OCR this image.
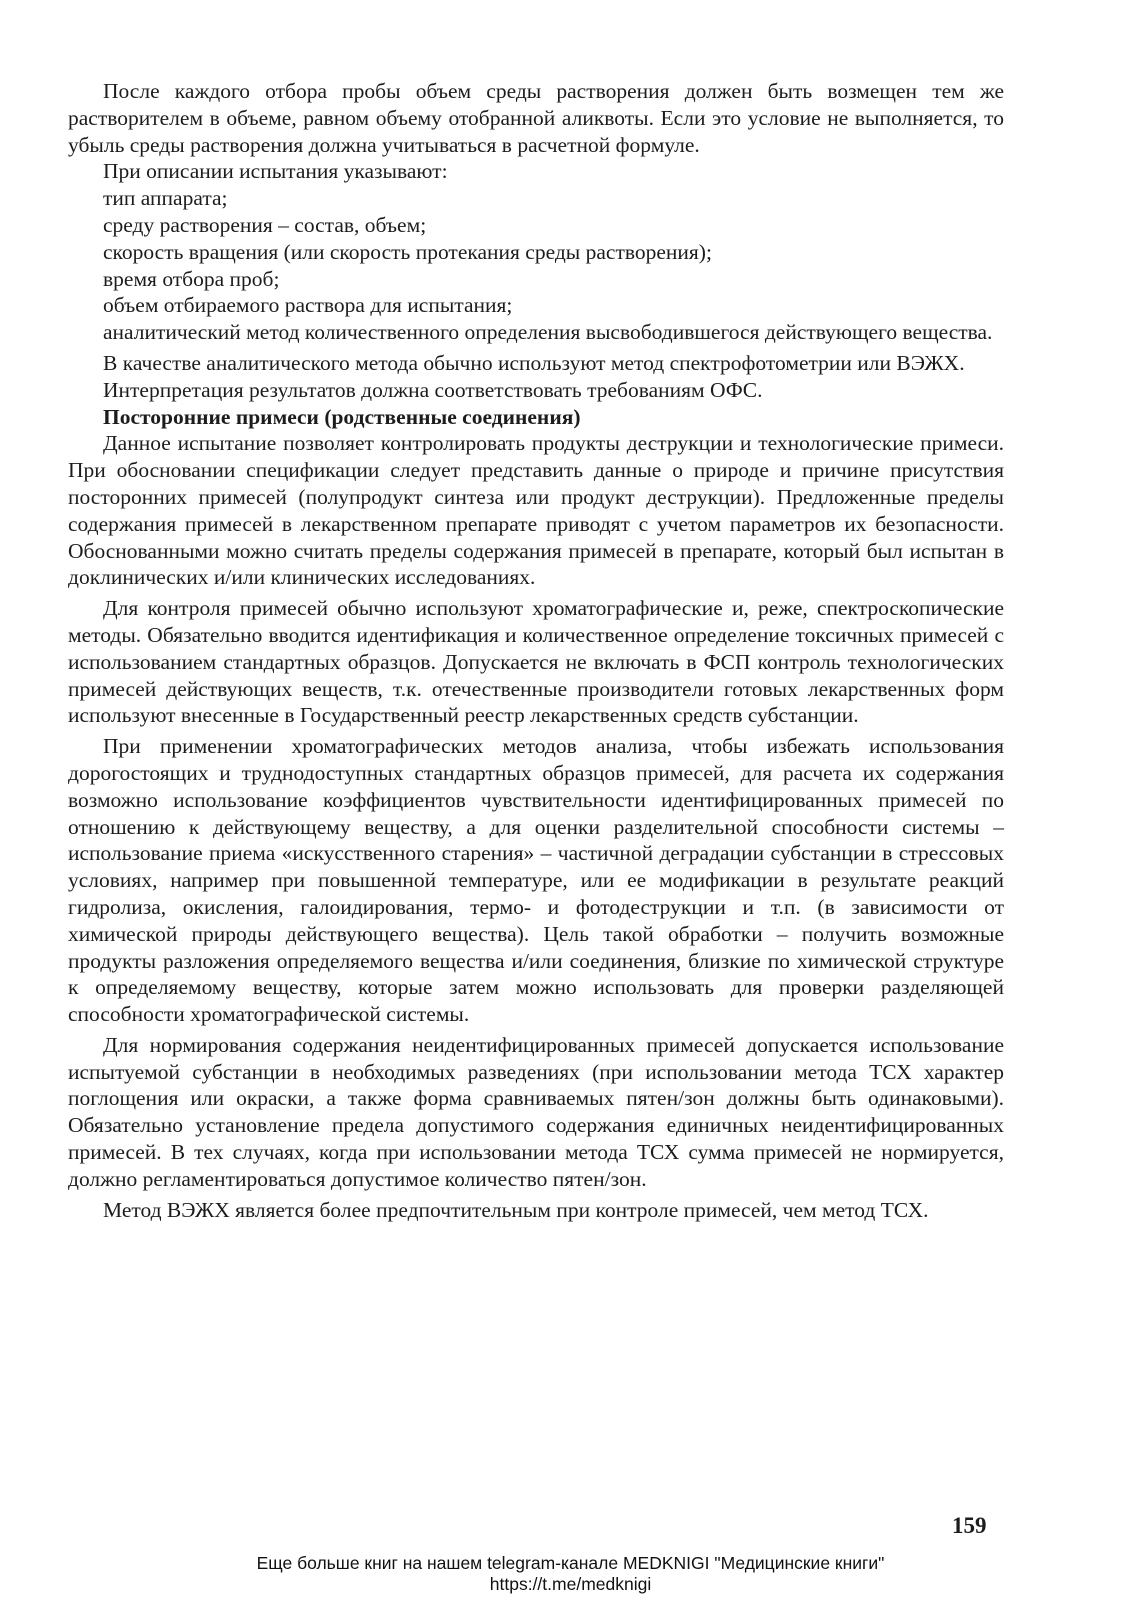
После каждого отбора пробы объем среды растворения должен быть возмещен тем же растворителем в объеме, равном объему отобранной аликвоты. Если это условие не выполняется, то убыль среды растворения должна учитываться в расчетной формуле.

При описании испытания указывают:

тип аппарата;
среду растворения – состав, объем;
скорость вращения (или скорость протекания среды растворения);
время отбора проб;
объем отбираемого раствора для испытания;

аналитический метод количественного определения высвободившегося действующего вещества.

В качестве аналитического метода обычно используют метод спектрофотометрии или ВЭЖХ.

Интерпретация результатов должна соответствовать требованиям ОФС.

Посторонние примеси (родственные соединения)

Данное испытание позволяет контролировать продукты деструкции и технологические примеси. При обосновании спецификации следует представить данные о природе и причине присутствия посторонних примесей (полупродукт синтеза или продукт деструкции). Предложенные пределы содержания примесей в лекарственном препарате приводят с учетом параметров их безопасности. Обоснованными можно считать пределы содержания примесей в препарате, который был испытан в доклинических и/или клинических исследованиях.

Для контроля примесей обычно используют хроматографические и, реже, спектроскопические методы. Обязательно вводится идентификация и количественное определение токсичных примесей с использованием стандартных образцов. Допускается не включать в ФСП контроль технологических примесей действующих веществ, т.к. отечественные производители готовых лекарственных форм используют внесенные в Государственный реестр лекарственных средств субстанции.

При применении хроматографических методов анализа, чтобы избежать использования дорогостоящих и труднодоступных стандартных образцов примесей, для расчета их содержания возможно использование коэффициентов чувствительности идентифицированных примесей по отношению к действующему веществу, а для оценки разделительной способности системы – использование приема «искусственного старения» – частичной деградации субстанции в стрессовых условиях, например при повышенной температуре, или ее модификации в результате реакций гидролиза, окисления, галоидирования, термо- и фотодеструкции и т.п. (в зависимости от химической природы действующего вещества). Цель такой обработки – получить возможные продукты разложения определяемого вещества и/или соединения, близкие по химической структуре к определяемому веществу, которые затем можно использовать для проверки разделяющей способности хроматографической системы.

Для нормирования содержания неидентифицированных примесей допускается использование испытуемой субстанции в необходимых разведениях (при использовании метода ТСХ характер поглощения или окраски, а также форма сравниваемых пятен/зон должны быть одинаковыми). Обязательно установление предела допустимого содержания единичных неидентифицированных примесей. В тех случаях, когда при использовании метода ТСХ сумма примесей не нормируется, должно регламентироваться допустимое количество пятен/зон.

Метод ВЭЖХ является более предпочтительным при контроле примесей, чем метод ТСХ.

159
Еще больше книг на нашем telegram-канале MEDKNIGI "Медицинские книги"
https://t.me/medknigi
